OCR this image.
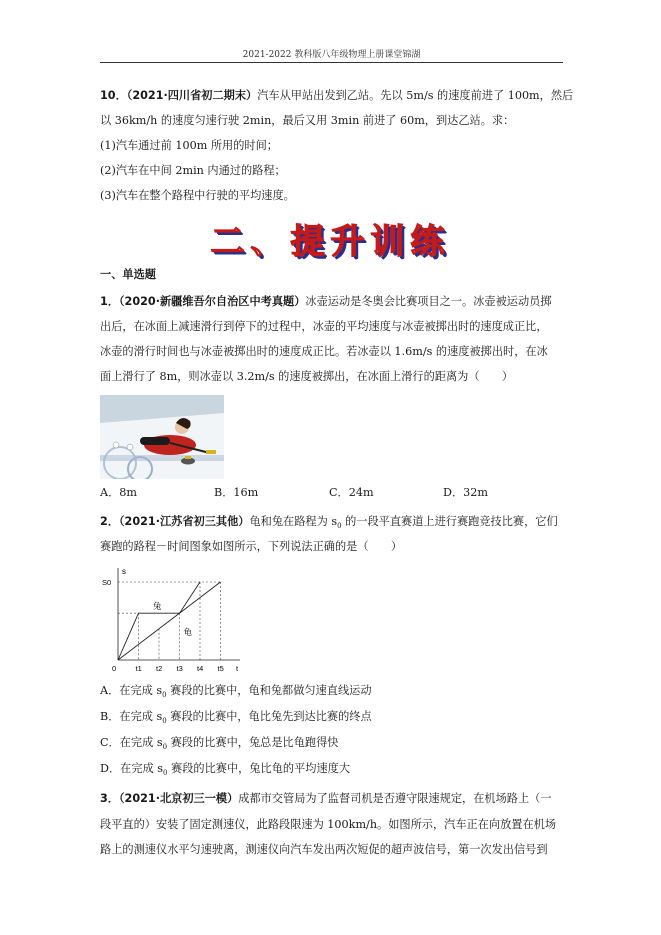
2021-2022 教科版八年级物理上册课堂锦湖
10．（2021·四川省初二期末）汽车从甲站出发到乙站。先以 5m/s 的速度前进了 100m，然后
以 36km/h 的速度匀速行驶 2min，最后又用 3min 前进了 60m，到达乙站。求：
(1)汽车通过前 100m 所用的时间；
(2)汽车在中间 2min 内通过的路程；
(3)汽车在整个路程中行驶的平均速度。
二、提升训练
一、单选题
1．（2020·新疆维吾尔自治区中考真题）冰壶运动是冬奥会比赛项目之一。冰壶被运动员掷
出后，在冰面上减速滑行到停下的过程中，冰壶的平均速度与冰壶被掷出时的速度成正比，
冰壶的滑行时间也与冰壶被掷出时的速度成正比。若冰壶以 1.6m/s 的速度被掷出时，在冰
面上滑行了 8m，则冰壶以 3.2m/s 的速度被掷出，在冰面上滑行的距离为（　　）
A．8m	B．16m	C．24m	D．32m
2．（2021·江苏省初三其他）龟和兔在路程为 $s_0$ 的一段平直赛道上进行赛跑竞技比赛，它们
赛跑的路程－时间图象如图所示，下列说法正确的是（　　）
s
S0
0	t1 t2 t3 t4 t5 t
兔
龟
A．在完成 $s_0$ 赛段的比赛中，龟和兔都做匀速直线运动
B．在完成 $s_0$ 赛段的比赛中，龟比兔先到达比赛的终点
C．在完成 $s_0$ 赛段的比赛中，兔总是比龟跑得快
D．在完成 $s_0$ 赛段的比赛中，兔比龟的平均速度大
3．（2021·北京初三一模）成都市交管局为了监督司机是否遵守限速规定，在机场路上（一
段平直的）安装了固定测速仪，此路段限速为 100km/h。如图所示，汽车正在向放置在机场
路上的测速仪水平匀速驶离，测速仪向汽车发出两次短促的超声波信号，第一次发出信号到
